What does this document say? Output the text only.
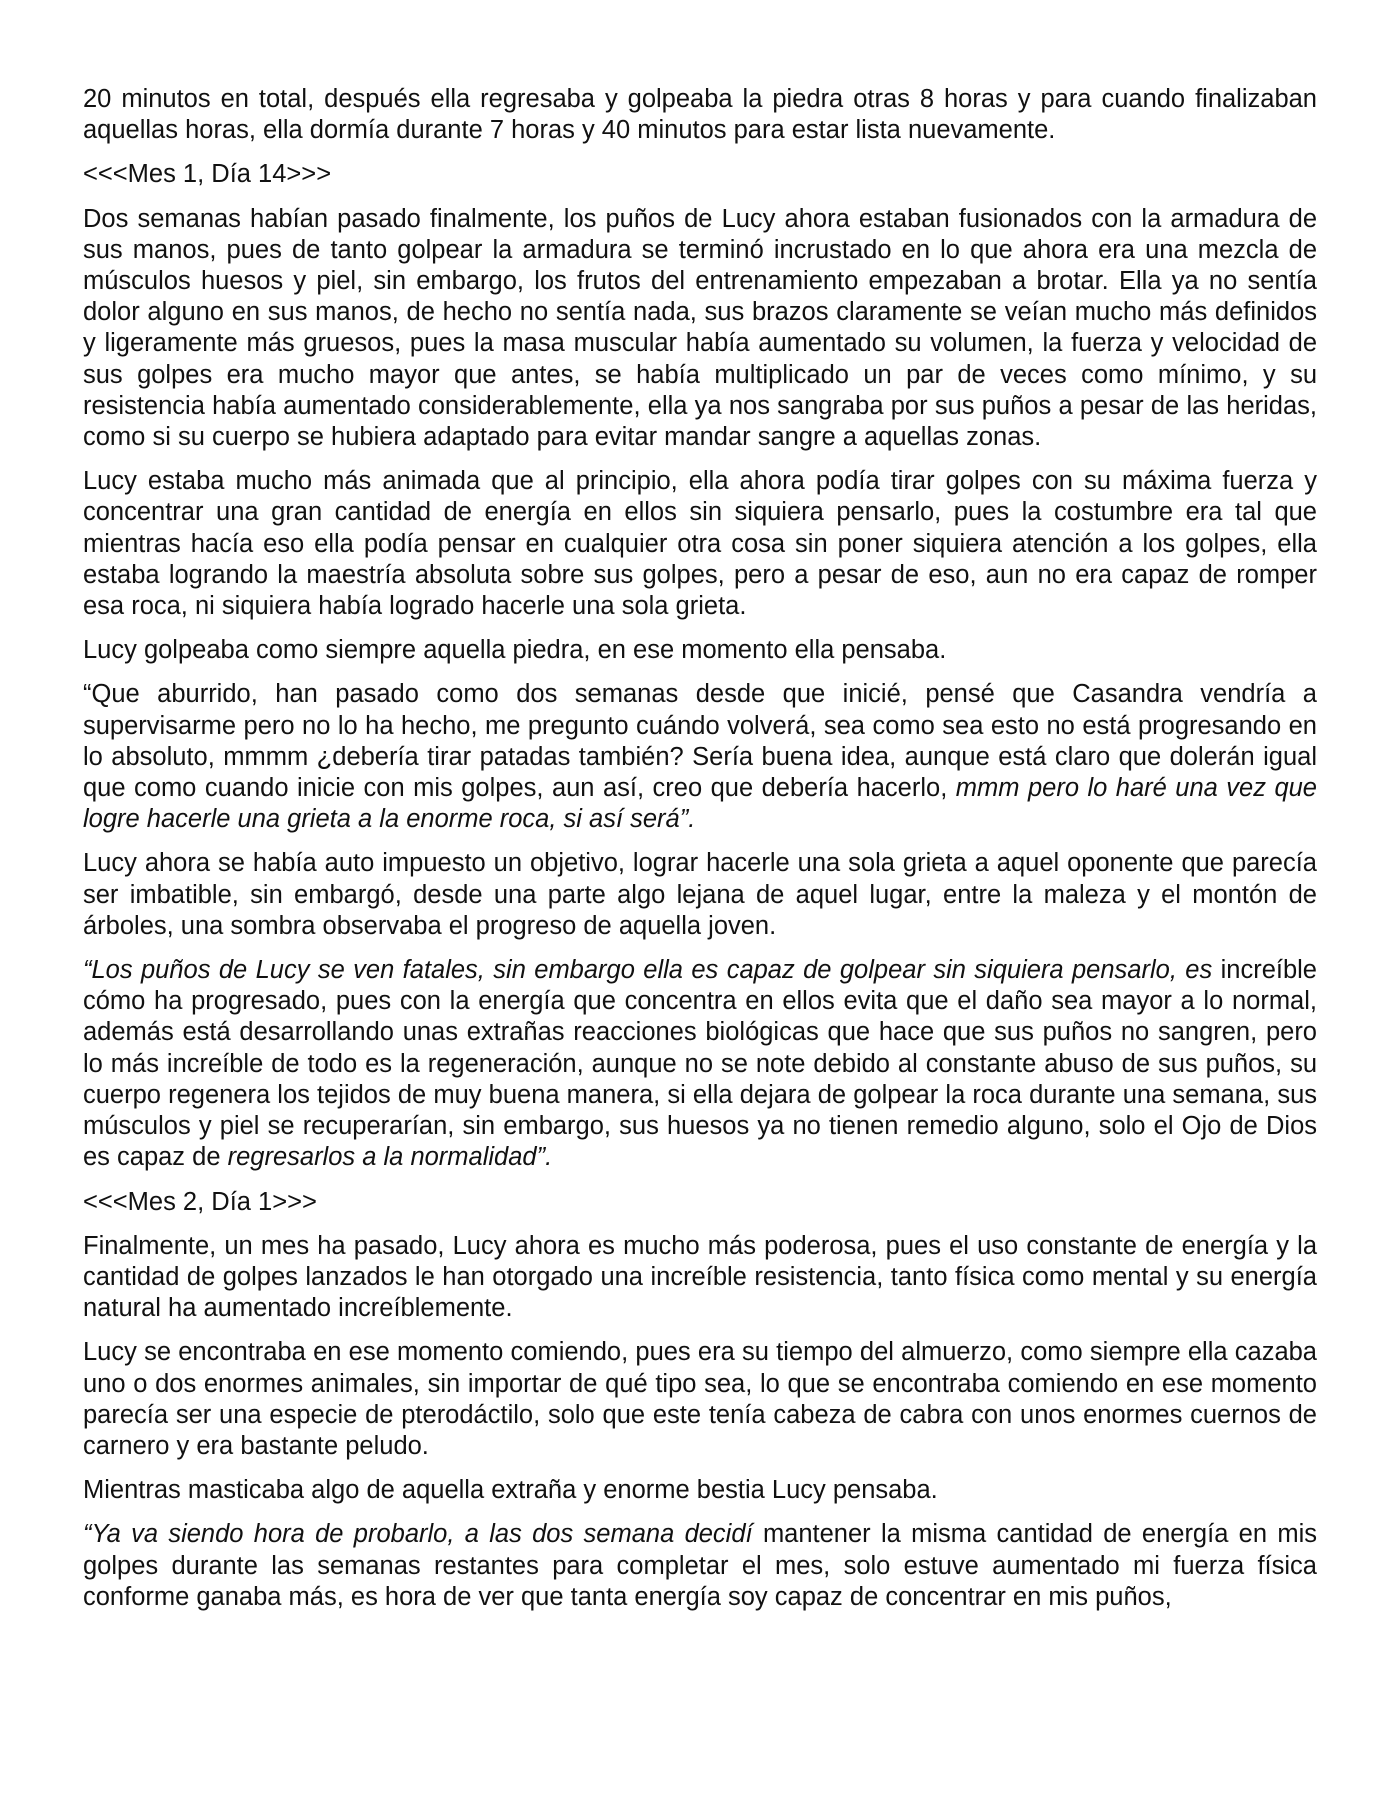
20 minutos en total, después ella regresaba y golpeaba la piedra otras 8 horas y para cuando finalizaban aquellas horas, ella dormía durante 7 horas y 40 minutos para estar lista nuevamente.

<<<Mes 1, Día 14>>>

Dos semanas habían pasado finalmente, los puños de Lucy ahora estaban fusionados con la armadura de sus manos, pues de tanto golpear la armadura se terminó incrustado en lo que ahora era una mezcla de músculos huesos y piel, sin embargo, los frutos del entrenamiento empezaban a brotar. Ella ya no sentía dolor alguno en sus manos, de hecho no sentía nada, sus brazos claramente se veían mucho más definidos y ligeramente más gruesos, pues la masa muscular había aumentado su volumen, la fuerza y velocidad de sus golpes era mucho mayor que antes, se había multiplicado un par de veces como mínimo, y su resistencia había aumentado considerablemente, ella ya nos sangraba por sus puños a pesar de las heridas, como si su cuerpo se hubiera adaptado para evitar mandar sangre a aquellas zonas.

Lucy estaba mucho más animada que al principio, ella ahora podía tirar golpes con su máxima fuerza y concentrar una gran cantidad de energía en ellos sin siquiera pensarlo, pues la costumbre era tal que mientras hacía eso ella podía pensar en cualquier otra cosa sin poner siquiera atención a los golpes, ella estaba logrando la maestría absoluta sobre sus golpes, pero a pesar de eso, aun no era capaz de romper esa roca, ni siquiera había logrado hacerle una sola grieta.

Lucy golpeaba como siempre aquella piedra, en ese momento ella pensaba.

“Que aburrido, han pasado como dos semanas desde que inicié, pensé que Casandra vendría a supervisarme pero no lo ha hecho, me pregunto cuándo volverá, sea como sea esto no está progresando en lo absoluto, mmmm ¿debería tirar patadas también? Sería buena idea, aunque está claro que dolerán igual que como cuando inicie con mis golpes, aun así, creo que debería hacerlo, mmm pero lo haré una vez que logre hacerle una grieta a la enorme roca, si así será”.

Lucy ahora se había auto impuesto un objetivo, lograr hacerle una sola grieta a aquel oponente que parecía ser imbatible, sin embargó, desde una parte algo lejana de aquel lugar, entre la maleza y el montón de árboles, una sombra observaba el progreso de aquella joven.

“Los puños de Lucy se ven fatales, sin embargo ella es capaz de golpear sin siquiera pensarlo, es increíble cómo ha progresado, pues con la energía que concentra en ellos evita que el daño sea mayor a lo normal, además está desarrollando unas extrañas reacciones biológicas que hace que sus puños no sangren, pero lo más increíble de todo es la regeneración, aunque no se note debido al constante abuso de sus puños, su cuerpo regenera los tejidos de muy buena manera, si ella dejara de golpear la roca durante una semana, sus músculos y piel se recuperarían, sin embargo, sus huesos ya no tienen remedio alguno, solo el Ojo de Dios es capaz de regresarlos a la normalidad”.

<<<Mes 2, Día 1>>>

Finalmente, un mes ha pasado, Lucy ahora es mucho más poderosa, pues el uso constante de energía y la cantidad de golpes lanzados le han otorgado una increíble resistencia, tanto física como mental y su energía natural ha aumentado increíblemente.

Lucy se encontraba en ese momento comiendo, pues era su tiempo del almuerzo, como siempre ella cazaba uno o dos enormes animales, sin importar de qué tipo sea, lo que se encontraba comiendo en ese momento parecía ser una especie de pterodáctilo, solo que este tenía cabeza de cabra con unos enormes cuernos de carnero y era bastante peludo.

Mientras masticaba algo de aquella extraña y enorme bestia Lucy pensaba.

“Ya va siendo hora de probarlo, a las dos semana decidí mantener la misma cantidad de energía en mis golpes durante las semanas restantes para completar el mes, solo estuve aumentado mi fuerza física conforme ganaba más, es hora de ver que tanta energía soy capaz de concentrar en mis puños,
